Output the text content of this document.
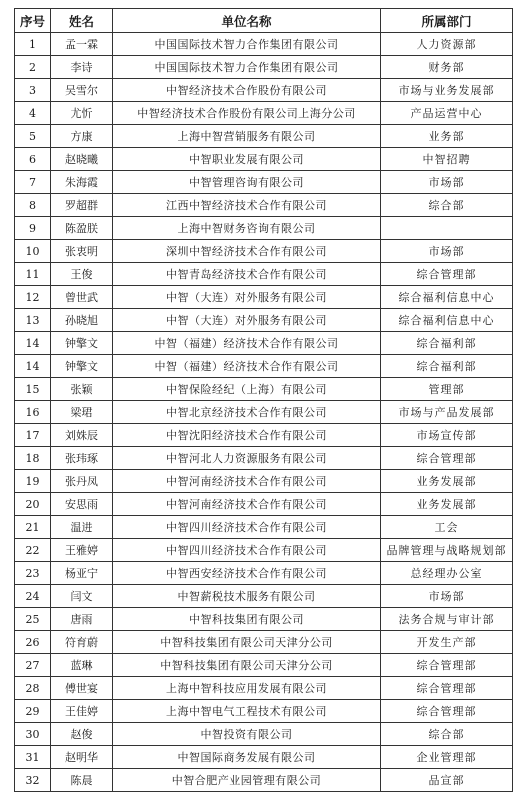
序号	姓名	单位名称	所属部门
1	孟一霖	中国国际技术智力合作集团有限公司	人力资源部
2	李诗	中国国际技术智力合作集团有限公司	财务部
3	吴雪尔	中智经济技术合作股份有限公司	市场与业务发展部
4	尤忻	中智经济技术合作股份有限公司上海分公司	产品运营中心
5	方康	上海中智营销服务有限公司	业务部
6	赵晓曦	中智职业发展有限公司	中智招聘
7	朱海霞	中智管理咨询有限公司	市场部
8	罗超群	江西中智经济技术合作有限公司	综合部
9	陈盈朕	上海中智财务咨询有限公司	
10	张衷明	深圳中智经济技术合作有限公司	市场部
11	王俊	中智青岛经济技术合作有限公司	综合管理部
12	曾世武	中智（大连）对外服务有限公司	综合福利信息中心
13	孙晓旭	中智（大连）对外服务有限公司	综合福利信息中心
14	钟擎文	中智（福建）经济技术合作有限公司	综合福利部
14	钟擎文	中智（福建）经济技术合作有限公司	综合福利部
15	张颖	中智保险经纪（上海）有限公司	管理部
16	梁珺	中智北京经济技术合作有限公司	市场与产品发展部
17	刘姝辰	中智沈阳经济技术合作有限公司	市场宣传部
18	张玮琢	中智河北人力资源服务有限公司	综合管理部
19	张丹凤	中智河南经济技术合作有限公司	业务发展部
20	安思雨	中智河南经济技术合作有限公司	业务发展部
21	温进	中智四川经济技术合作有限公司	工会
22	王雅婷	中智四川经济技术合作有限公司	品牌管理与战略规划部
23	杨亚宁	中智西安经济技术合作有限公司	总经理办公室
24	闫文	中智薪税技术服务有限公司	市场部
25	唐雨	中智科技集团有限公司	法务合规与审计部
26	符育蔚	中智科技集团有限公司天津分公司	开发生产部
27	蓝琳	中智科技集团有限公司天津分公司	综合管理部
28	傅世宴	上海中智科技应用发展有限公司	综合管理部
29	王佳婷	上海中智电气工程技术有限公司	综合管理部
30	赵俊	中智投资有限公司	综合部
31	赵明华	中智国际商务发展有限公司	企业管理部
32	陈晨	中智合肥产业园管理有限公司	品宣部
